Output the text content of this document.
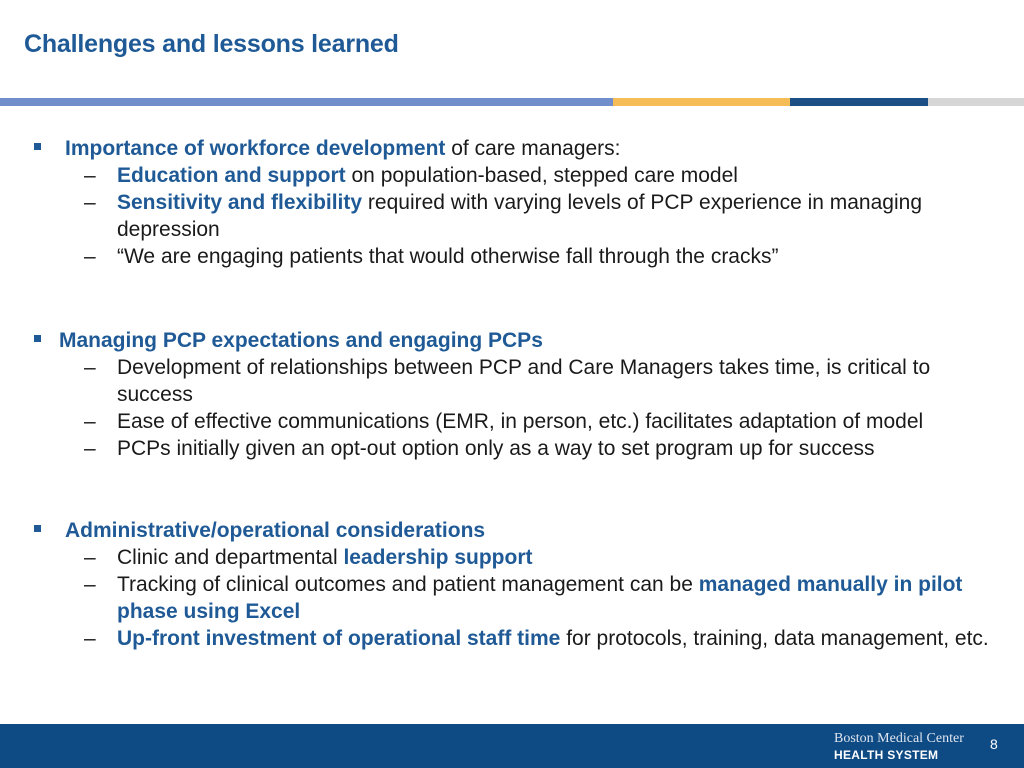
Challenges and lessons learned
Importance of workforce development of care managers:
– Education and support on population-based, stepped care model
– Sensitivity and flexibility required with varying levels of PCP experience in managing depression
– “We are engaging patients that would otherwise fall through the cracks”
Managing PCP expectations and engaging PCPs
– Development of relationships between PCP and Care Managers takes time, is critical to success
– Ease of effective communications (EMR, in person, etc.) facilitates adaptation of model
– PCPs initially given an opt-out option only as a way to set program up for success
Administrative/operational considerations
– Clinic and departmental leadership support
– Tracking of clinical outcomes and patient management can be managed manually in pilot phase using Excel
– Up-front investment of operational staff time for protocols, training, data management, etc.
Boston Medical Center
HEALTH SYSTEM
8
